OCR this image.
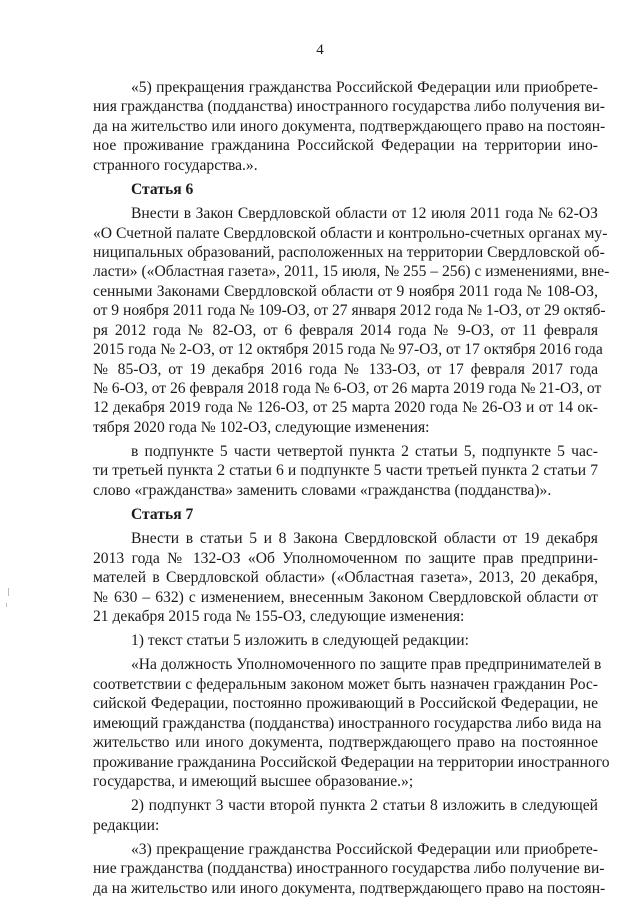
4
«5) прекращения гражданства Российской Федерации или приобрете-
ния гражданства (подданства) иностранного государства либо получения ви-
да на жительство или иного документа, подтверждающего право на постоян-
ное проживание гражданина Российской Федерации на территории ино-
странного государства.».
Статья 6
Внести в Закон Свердловской области от 12 июля 2011 года № 62-ОЗ
«О Счетной палате Свердловской области и контрольно-счетных органах му-
ниципальных образований, расположенных на территории Свердловской об-
ласти» («Областная газета», 2011, 15 июля, № 255 – 256) с изменениями, вне-
сенными Законами Свердловской области от 9 ноября 2011 года № 108-ОЗ,
от 9 ноября 2011 года № 109-ОЗ, от 27 января 2012 года № 1-ОЗ, от 29 октяб-
ря 2012 года № 82-ОЗ, от 6 февраля 2014 года № 9-ОЗ, от 11 февраля
2015 года № 2-ОЗ, от 12 октября 2015 года № 97-ОЗ, от 17 октября 2016 года
№ 85-ОЗ, от 19 декабря 2016 года № 133-ОЗ, от 17 февраля 2017 года
№ 6-ОЗ, от 26 февраля 2018 года № 6-ОЗ, от 26 марта 2019 года № 21-ОЗ, от
12 декабря 2019 года № 126-ОЗ, от 25 марта 2020 года № 26-ОЗ и от 14 ок-
тября 2020 года № 102-ОЗ, следующие изменения:
в подпункте 5 части четвертой пункта 2 статьи 5, подпункте 5 час-
ти третьей пункта 2 статьи 6 и подпункте 5 части третьей пункта 2 статьи 7
слово «гражданства» заменить словами «гражданства (подданства)».
Статья 7
Внести в статьи 5 и 8 Закона Свердловской области от 19 декабря
2013 года № 132-ОЗ «Об Уполномоченном по защите прав предприни-
мателей в Свердловской области» («Областная газета», 2013, 20 декабря,
№ 630 – 632) с изменением, внесенным Законом Свердловской области от
21 декабря 2015 года № 155-ОЗ, следующие изменения:
1) текст статьи 5 изложить в следующей редакции:
«На должность Уполномоченного по защите прав предпринимателей в
соответствии с федеральным законом может быть назначен гражданин Рос-
сийской Федерации, постоянно проживающий в Российской Федерации, не
имеющий гражданства (подданства) иностранного государства либо вида на
жительство или иного документа, подтверждающего право на постоянное
проживание гражданина Российской Федерации на территории иностранного
государства, и имеющий высшее образование.»;
2) подпункт 3 части второй пункта 2 статьи 8 изложить в следующей
редакции:
«3) прекращение гражданства Российской Федерации или приобрете-
ние гражданства (подданства) иностранного государства либо получение ви-
да на жительство или иного документа, подтверждающего право на постоян-
